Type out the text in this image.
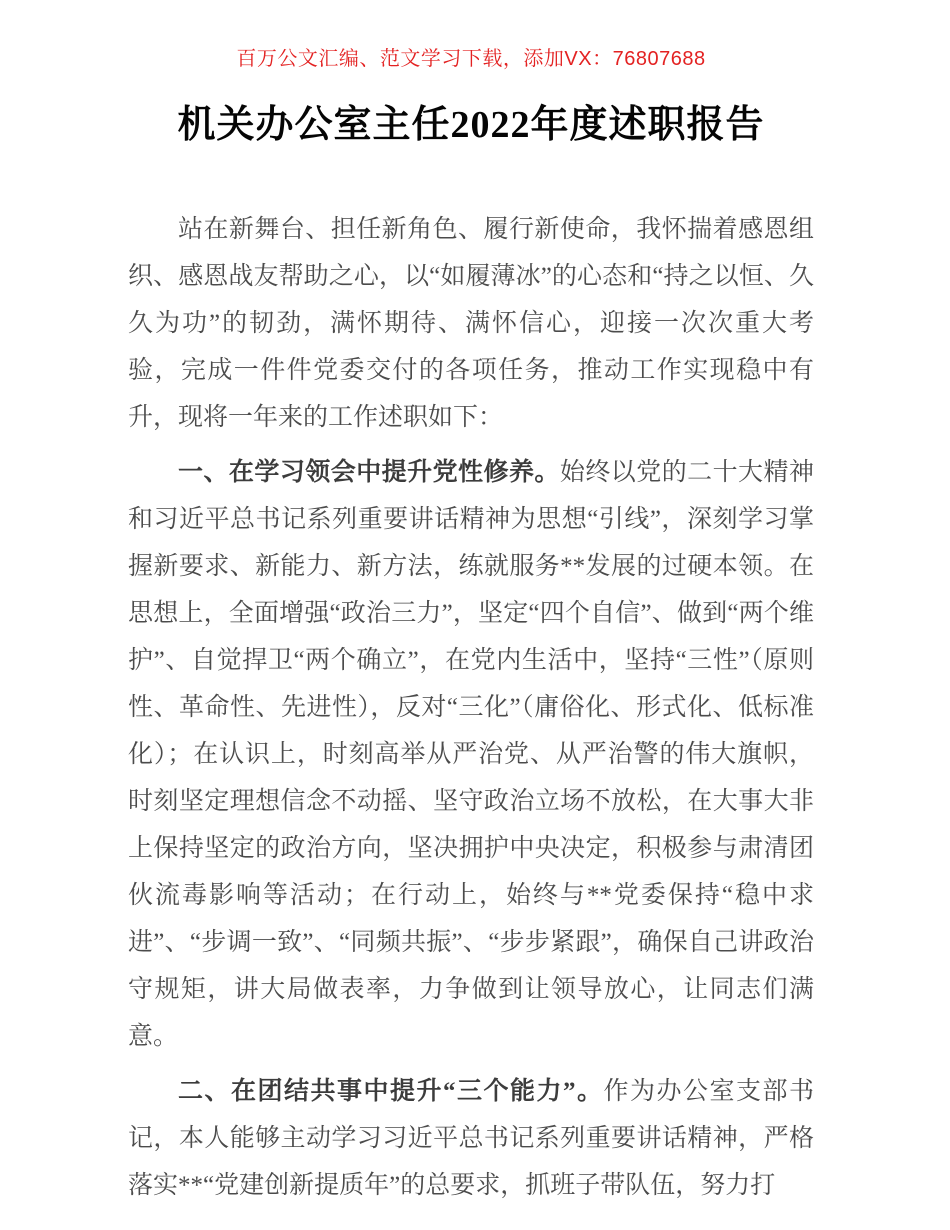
百万公文汇编、范文学习下载，添加VX：76807688
机关办公室主任2022年度述职报告

站在新舞台、担任新角色、履行新使命，我怀揣着感恩组织、感恩战友帮助之心，以“如履薄冰”的心态和“持之以恒、久久为功”的韧劲，满怀期待、满怀信心，迎接一次次重大考验，完成一件件党委交付的各项任务，推动工作实现稳中有升，现将一年来的工作述职如下：

一、在学习领会中提升党性修养。始终以党的二十大精神和习近平总书记系列重要讲话精神为思想“引线”，深刻学习掌握新要求、新能力、新方法，练就服务**发展的过硬本领。在思想上，全面增强“政治三力”，坚定“四个自信”、做到“两个维护”、自觉捍卫“两个确立”，在党内生活中，坚持“三性”（原则性、革命性、先进性），反对“三化”（庸俗化、形式化、低标准化）；在认识上，时刻高举从严治党、从严治警的伟大旗帜，时刻坚定理想信念不动摇、坚守政治立场不放松，在大事大非上保持坚定的政治方向，坚决拥护中央决定，积极参与肃清团伙流毒影响等活动；在行动上，始终与**党委保持“稳中求进”、“步调一致”、“同频共振”、“步步紧跟”，确保自己讲政治守规矩，讲大局做表率，力争做到让领导放心，让同志们满意。

二、在团结共事中提升“三个能力”。作为办公室支部书记，本人能够主动学习习近平总书记系列重要讲话精神，严格落实**“党建创新提质年”的总要求，抓班子带队伍，努力打
